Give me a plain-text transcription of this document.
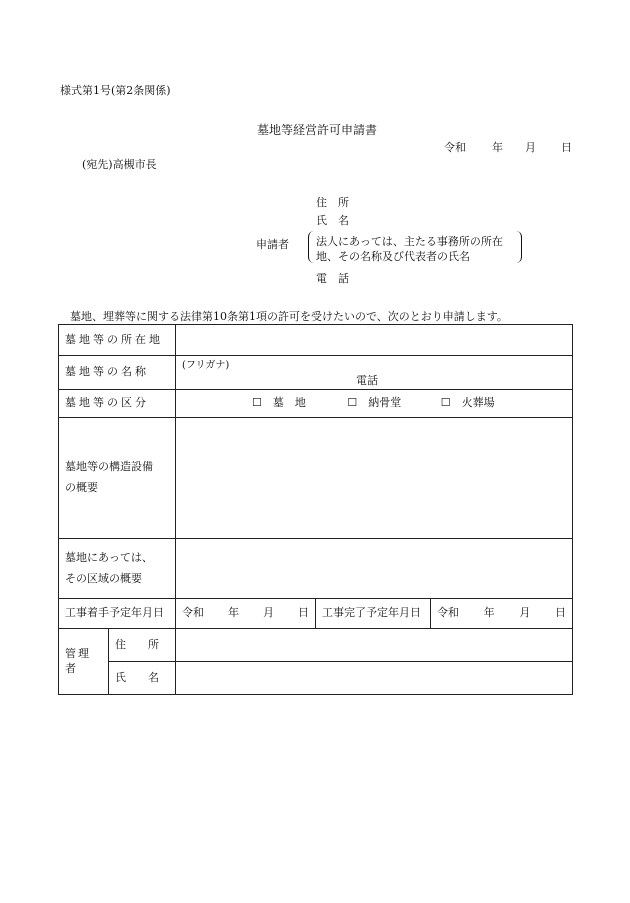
様式第1号(第2条関係)
墓地等経営許可申請書
令和 年 月 日
(宛先)高槻市長
住　所
氏　名
申請者 法人にあっては、主たる事務所の所在
地、その名称及び代表者の氏名
電　話
墓地、埋葬等に関する法律第10条第1項の許可を受けたいので、次のとおり申請します。
墓地等の所在地				
墓地等の名称		(フリガナ)
電話		

墓地等の区分		☐　墓　地 ☐　納骨堂 ☐　火葬場		

墓地等の構造設備
の概要				

墓地にあっては、
その区域の概要				

工事着手予定年月日		令和 年 月 日	工事完了予定年月日	令和 年 月 日

管理者	住　　所			
	氏　　名			
